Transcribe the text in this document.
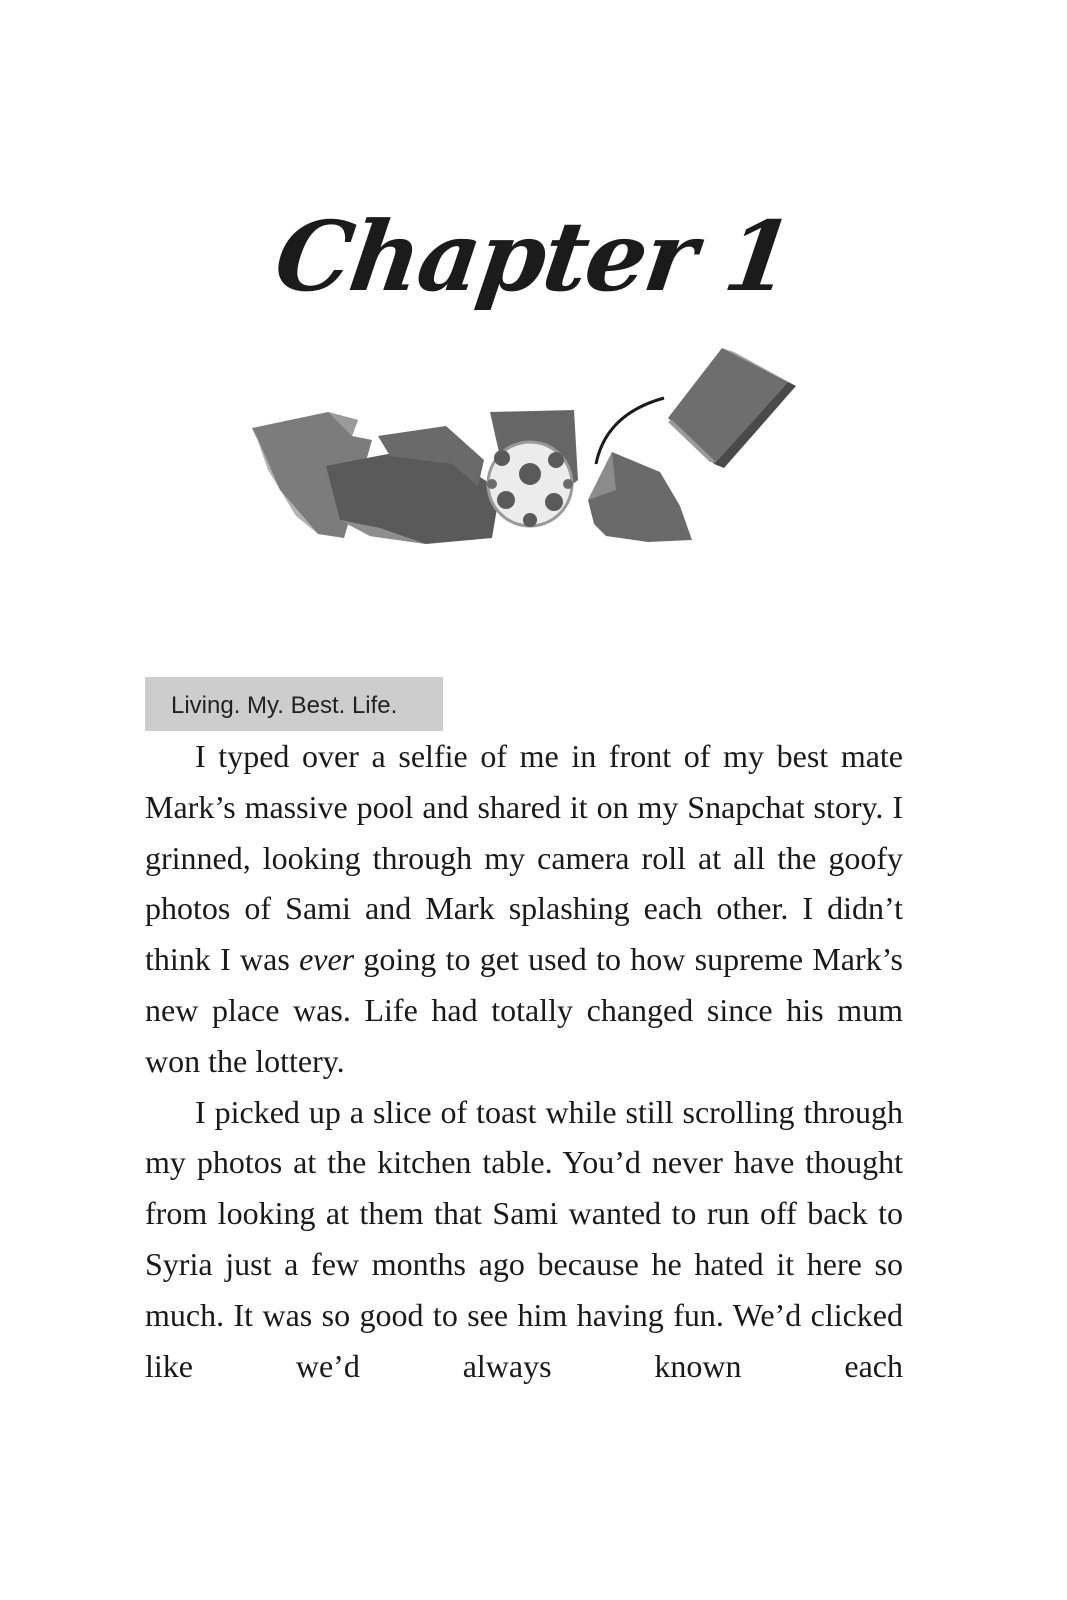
Chapter 1
Living. My. Best. Life.

I typed over a selfie of me in front of my best mate Mark’s massive pool and shared it on my Snapchat story. I grinned, looking through my camera roll at all the goofy photos of Sami and Mark splashing each other. I didn’t think I was ever going to get used to how supreme Mark’s new place was. Life had totally changed since his mum won the lottery.

I picked up a slice of toast while still scrolling through my photos at the kitchen table. You’d never have thought from looking at them that Sami wanted to run off back to Syria just a few months ago because he hated it here so much. It was so good to see him having fun. We’d clicked like we’d always known each
